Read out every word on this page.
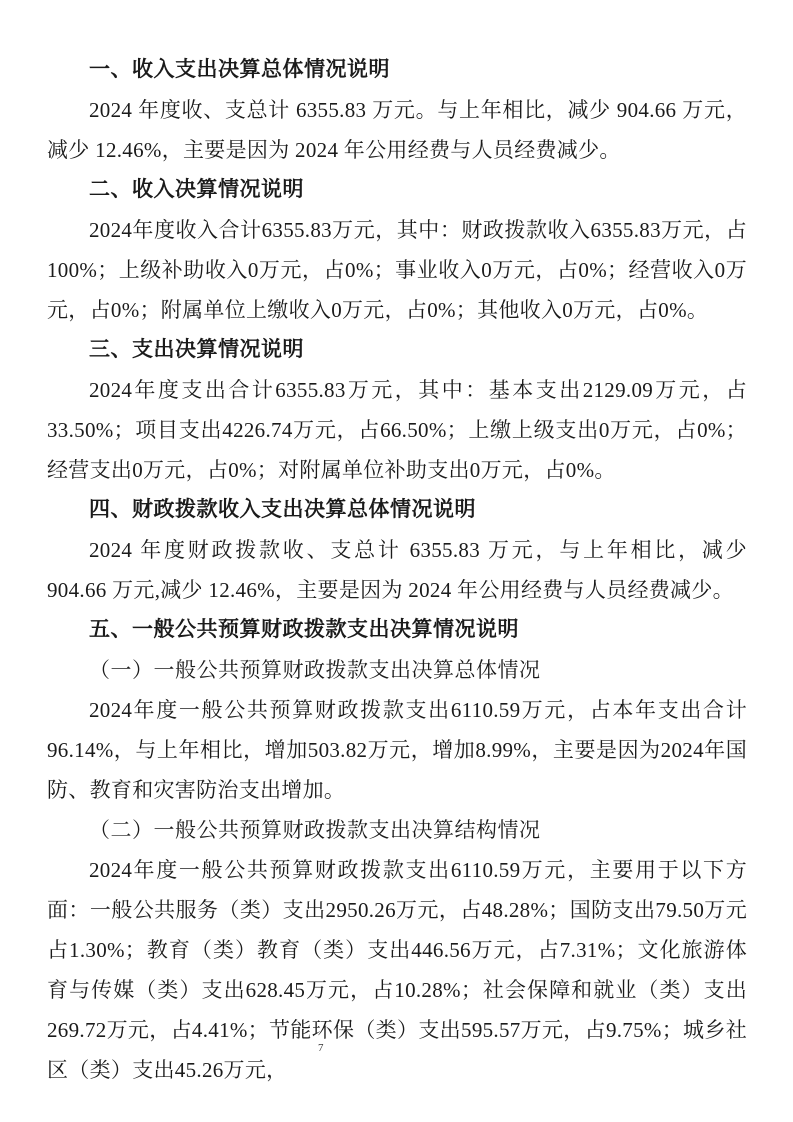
一、收入支出决算总体情况说明

2024 年度收、支总计 6355.83 万元。与上年相比，减少 904.66 万元，减少 12.46%，主要是因为 2024 年公用经费与人员经费减少。

二、收入决算情况说明

2024年度收入合计6355.83万元，其中：财政拨款收入6355.83万元，占100%；上级补助收入0万元，占0%；事业收入0万元，占0%；经营收入0万元，占0%；附属单位上缴收入0万元，占0%；其他收入0万元，占0%。

三、支出决算情况说明

2024年度支出合计6355.83万元，其中：基本支出2129.09万元，占33.50%；项目支出4226.74万元，占66.50%；上缴上级支出0万元，占0%；经营支出0万元，占0%；对附属单位补助支出0万元，占0%。

四、财政拨款收入支出决算总体情况说明

2024 年度财政拨款收、支总计 6355.83 万元，与上年相比，减少 904.66 万元,减少 12.46%，主要是因为 2024 年公用经费与人员经费减少。

五、一般公共预算财政拨款支出决算情况说明
（一）一般公共预算财政拨款支出决算总体情况

2024年度一般公共预算财政拨款支出6110.59万元，占本年支出合计96.14%，与上年相比，增加503.82万元，增加8.99%，主要是因为2024年国防、教育和灾害防治支出增加。

（二）一般公共预算财政拨款支出决算结构情况

2024年度一般公共预算财政拨款支出6110.59万元，主要用于以下方面：一般公共服务（类）支出2950.26万元，占48.28%；国防支出79.50万元占1.30%；教育（类）教育（类）支出446.56万元，占7.31%；文化旅游体育与传媒（类）支出628.45万元，占10.28%；社会保障和就业（类）支出269.72万元，占4.41%；节能环保（类）支出595.57万元，占9.75%；城乡社区（类）支出45.26万元，

7
